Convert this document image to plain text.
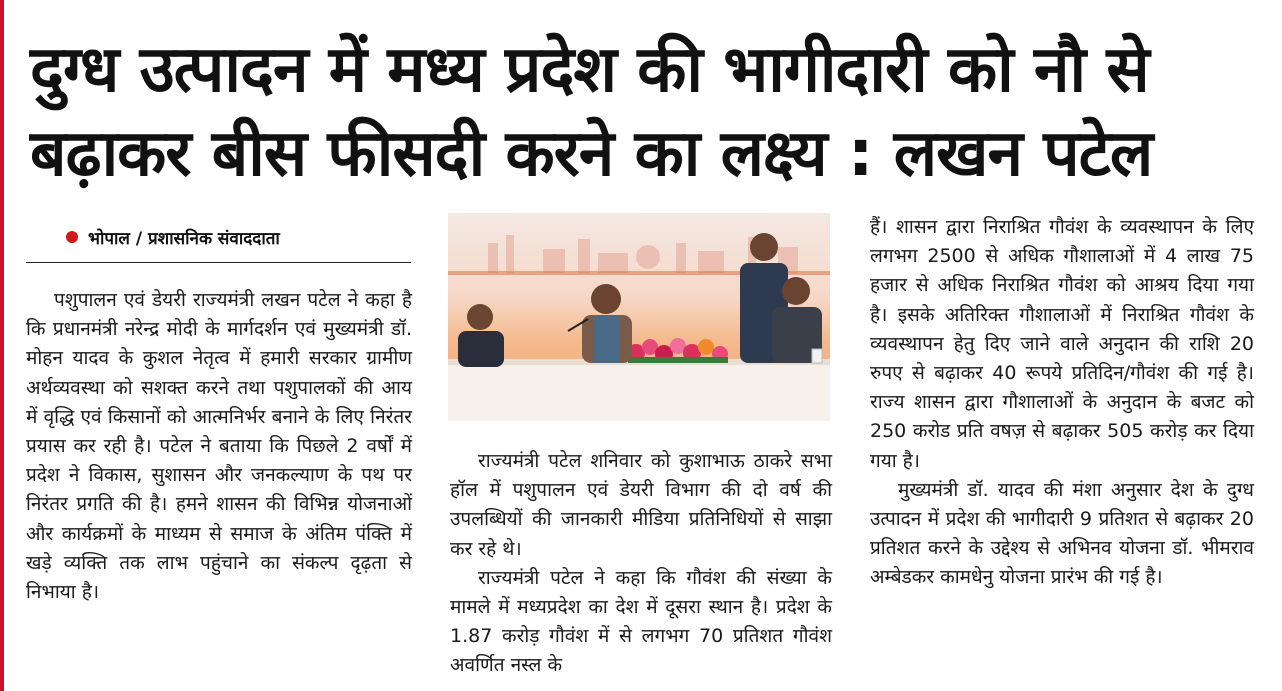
दुग्ध उत्पादन में मध्य प्रदेश की भागीदारी को नौ से
बढ़ाकर बीस फीसदी करने का लक्ष्य : लखन पटेल
भोपाल / प्रशासनिक संवाददाता

पशुपालन एवं डेयरी राज्यमंत्री लखन पटेल ने कहा है कि प्रधानमंत्री नरेन्द्र मोदी के मार्गदर्शन एवं मुख्यमंत्री डॉ. मोहन यादव के कुशल नेतृत्व में हमारी सरकार ग्रामीण अर्थव्यवस्था को सशक्त करने तथा पशुपालकों की आय में वृद्धि एवं किसानों को आत्मनिर्भर बनाने के लिए निरंतर प्रयास कर रही है। पटेल ने बताया कि पिछले 2 वर्षों में प्रदेश ने विकास, सुशासन और जनकल्याण के पथ पर निरंतर प्रगति की है। हमने शासन की विभिन्न योजनाओं और कार्यक्रमों के माध्यम से समाज के अंतिम पंक्ति में खड़े व्यक्ति तक लाभ पहुंचाने का संकल्प दृढ़ता से निभाया है।

राज्यमंत्री पटेल शनिवार को कुशाभाऊ ठाकरे सभा हॉल में पशुपालन एवं डेयरी विभाग की दो वर्ष की उपलब्धियों की जानकारी मीडिया प्रतिनिधियों से साझा कर रहे थे।

राज्यमंत्री पटेल ने कहा कि गौवंश की संख्या के मामले में मध्यप्रदेश का देश में दूसरा स्थान है। प्रदेश के 1.87 करोड़ गौवंश में से लगभग 70 प्रतिशत गौवंश अवर्णित नस्ल के

हैं। शासन द्वारा निराश्रित गौवंश के व्यवस्थापन के लिए लगभग 2500 से अधिक गौशालाओं में 4 लाख 75 हजार से अधिक निराश्रित गौवंश को आश्रय दिया गया है। इसके अतिरिक्त गौशालाओं में निराश्रित गौवंश के व्यवस्थापन हेतु दिए जाने वाले अनुदान की राशि 20 रुपए से बढ़ाकर 40 रूपये प्रतिदिन/गौवंश की गई है। राज्य शासन द्वारा गौशालाओं के अनुदान के बजट को 250 करोड प्रति वषज़ से बढ़ाकर 505 करोड़ कर दिया गया है।

मुख्यमंत्री डॉ. यादव की मंशा अनुसार देश के दुग्ध उत्पादन में प्रदेश की भागीदारी 9 प्रतिशत से बढ़ाकर 20 प्रतिशत करने के उद्देश्य से अभिनव योजना डॉ. भीमराव अम्बेडकर कामधेनु योजना प्रारंभ की गई है।
